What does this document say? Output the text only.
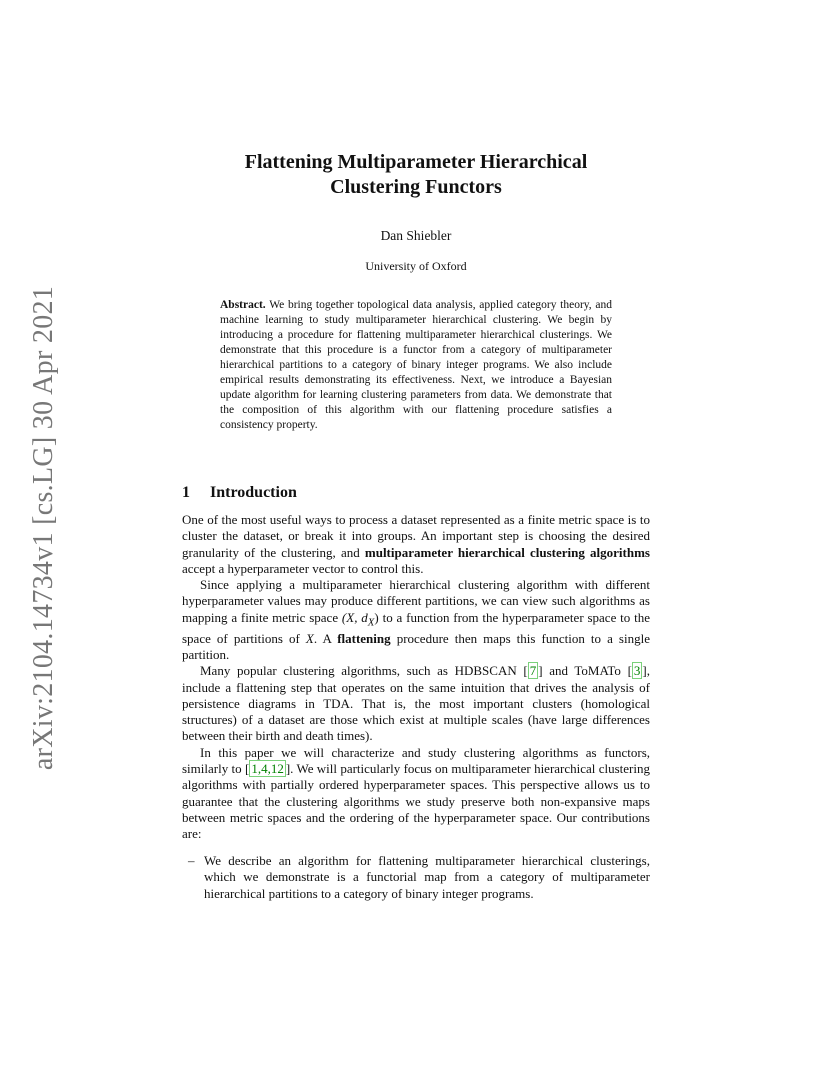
arXiv:2104.14734v1 [cs.LG] 30 Apr 2021
Flattening Multiparameter Hierarchical
Clustering Functors
Dan Shiebler
University of Oxford
Abstract. We bring together topological data analysis, applied category theory, and machine learning to study multiparameter hierarchical clustering. We begin by introducing a procedure for flattening multiparameter hierarchical clusterings. We demonstrate that this procedure is a functor from a category of multiparameter hierarchical partitions to a category of binary integer programs. We also include empirical results demonstrating its effectiveness. Next, we introduce a Bayesian update algorithm for learning clustering parameters from data. We demonstrate that the composition of this algorithm with our flattening procedure satisfies a consistency property.
1 Introduction

One of the most useful ways to process a dataset represented as a finite metric space is to cluster the dataset, or break it into groups. An important step is choosing the desired granularity of the clustering, and multiparameter hierarchical clustering algorithms accept a hyperparameter vector to control this.

Since applying a multiparameter hierarchical clustering algorithm with different hyperparameter values may produce different partitions, we can view such algorithms as mapping a finite metric space (X, $d_X$) to a function from the hyperparameter space to the space of partitions of X. A flattening procedure then maps this function to a single partition.

Many popular clustering algorithms, such as HDBSCAN [ 7 ] and ToMATo [ 3 ], include a flattening step that operates on the same intuition that drives the analysis of persistence diagrams in TDA. That is, the most important clusters (homological structures) of a dataset are those which exist at multiple scales (have large differences between their birth and death times).

In this paper we will characterize and study clustering algorithms as functors, similarly to [ 1,4,12 ]. We will particularly focus on multiparameter hierarchical clustering algorithms with partially ordered hyperparameter spaces. This perspective allows us to guarantee that the clustering algorithms we study preserve both non-expansive maps between metric spaces and the ordering of the hyperparameter space. Our contributions are:

– We describe an algorithm for flattening multiparameter hierarchical clusterings, which we demonstrate is a functorial map from a category of multiparameter hierarchical partitions to a category of binary integer programs.
